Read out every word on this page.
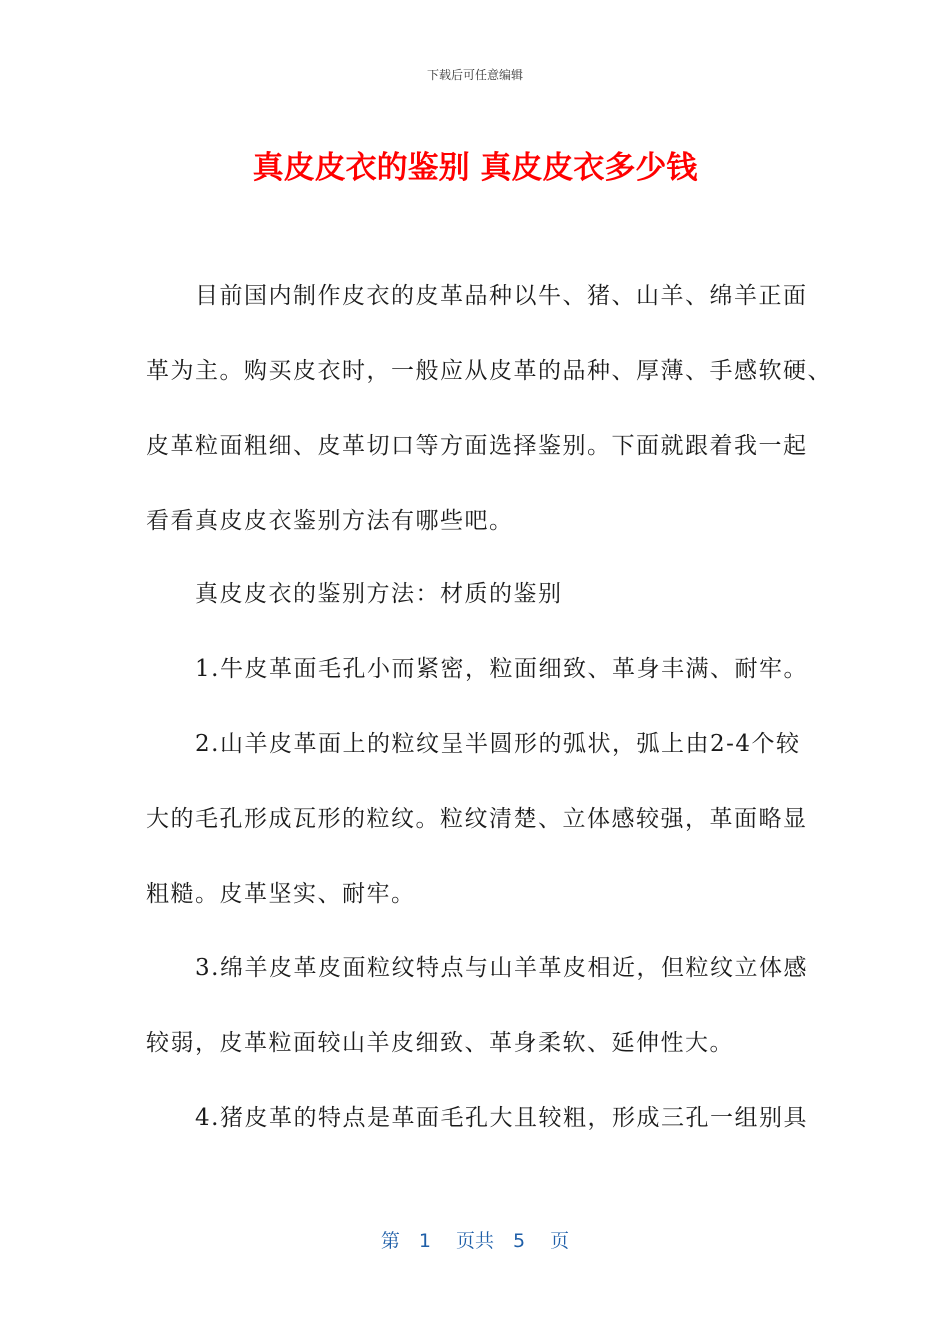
下载后可任意编辑
真皮皮衣的鉴别 真皮皮衣多少钱
　　目前国内制作皮衣的皮革品种以牛、猪、山羊、绵羊正面
革为主。购买皮衣时，一般应从皮革的品种、厚薄、手感软硬、
皮革粒面粗细、皮革切口等方面选择鉴别。下面就跟着我一起
看看真皮皮衣鉴别方法有哪些吧。
　　真皮皮衣的鉴别方法：材质的鉴别
　　1.牛皮革面毛孔小而紧密，粒面细致、革身丰满、耐牢。
　　2.山羊皮革面上的粒纹呈半圆形的弧状，弧上由2-4个较
大的毛孔形成瓦形的粒纹。粒纹清楚、立体感较强，革面略显
粗糙。皮革坚实、耐牢。
　　3.绵羊皮革皮面粒纹特点与山羊革皮相近，但粒纹立体感
较弱，皮革粒面较山羊皮细致、革身柔软、延伸性大。
　　4.猪皮革的特点是革面毛孔大且较粗，形成三孔一组别具
第　1　 页共　5　 页
